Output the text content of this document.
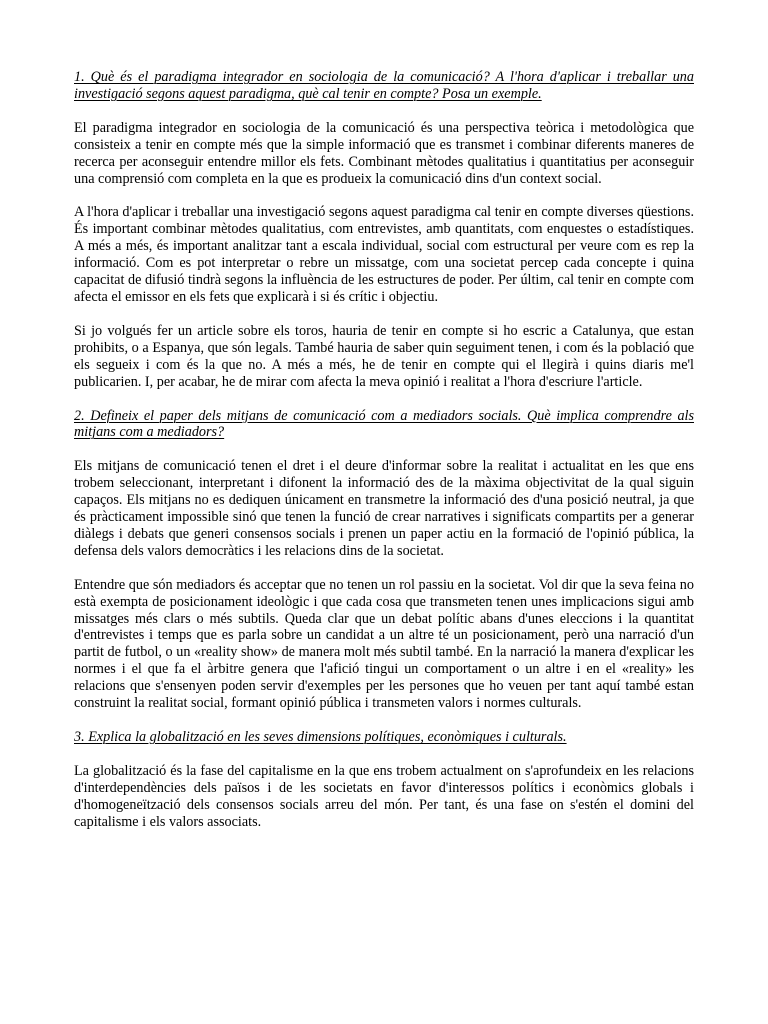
1. Què és el paradigma integrador en sociologia de la comunicació? A l'hora d'aplicar i treballar una investigació segons aquest paradigma, què cal tenir en compte? Posa un exemple.

El paradigma integrador en sociologia de la comunicació és una perspectiva teòrica i metodològica que consisteix a tenir en compte més que la simple informació que es transmet i combinar diferents maneres de recerca per aconseguir entendre millor els fets. Combinant mètodes qualitatius i quantitatius per aconseguir una comprensió com completa en la que es produeix la comunicació dins d'un context social.

A l'hora d'aplicar i treballar una investigació segons aquest paradigma cal tenir en compte diverses qüestions. És important combinar mètodes qualitatius, com entrevistes, amb quantitats, com enquestes o estadístiques. A més a més, és important analitzar tant a escala individual, social com estructural per veure com es rep la informació. Com es pot interpretar o rebre un missatge, com una societat percep cada concepte i quina capacitat de difusió tindrà segons la influència de les estructures de poder. Per últim, cal tenir en compte com afecta el emissor en els fets que explicarà i si és crític i objectiu.

Si jo volgués fer un article sobre els toros, hauria de tenir en compte si ho escric a Catalunya, que estan prohibits, o a Espanya, que són legals. També hauria de saber quin seguiment tenen, i com és la població que els segueix i com és la que no. A més a més, he de tenir en compte qui el llegirà i quins diaris me'l publicarien. I, per acabar, he de mirar com afecta la meva opinió i realitat a l'hora d'escriure l'article.

2. Defineix el paper dels mitjans de comunicació com a mediadors socials. Què implica comprendre als mitjans com a mediadors?

Els mitjans de comunicació tenen el dret i el deure d'informar sobre la realitat i actualitat en les que ens trobem seleccionant, interpretant i difonent la informació des de la màxima objectivitat de la qual siguin capaços. Els mitjans no es dediquen únicament en transmetre la informació des d'una posició neutral, ja que és pràcticament impossible sinó que tenen la funció de crear narratives i significats compartits per a generar diàlegs i debats que generi consensos socials i prenen un paper actiu en la formació de l'opinió pública, la defensa dels valors democràtics i les relacions dins de la societat.

Entendre que són mediadors és acceptar que no tenen un rol passiu en la societat. Vol dir que la seva feina no està exempta de posicionament ideològic i que cada cosa que transmeten tenen unes implicacions sigui amb missatges més clars o més subtils. Queda clar que un debat polític abans d'unes eleccions i la quantitat d'entrevistes i temps que es parla sobre un candidat a un altre té un posicionament, però una narració d'un partit de futbol, o un «reality show» de manera molt més subtil també. En la narració la manera d'explicar les normes i el que fa el àrbitre genera que l'afició tingui un comportament o un altre i en el «reality» les relacions que s'ensenyen poden servir d'exemples per les persones que ho veuen per tant aquí també estan construint la realitat social, formant opinió pública i transmeten valors i normes culturals.

3. Explica la globalització en les seves dimensions polítiques, econòmiques i culturals.

La globalització és la fase del capitalisme en la que ens trobem actualment on s'aprofundeix en les relacions d'interdependències dels països i de les societats en favor d'interessos polítics i econòmics globals i d'homogeneïtzació dels consensos socials arreu del món. Per tant, és una fase on s'estén el domini del capitalisme i els valors associats.
